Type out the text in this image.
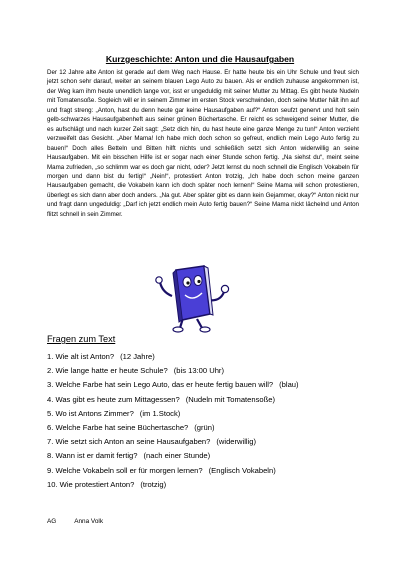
Kurzgeschichte: Anton und die Hausaufgaben
Der 12 Jahre alte Anton ist gerade auf dem Weg nach Hause. Er hatte heute bis ein Uhr Schule und freut sich jetzt schon sehr darauf, weiter an seinem blauen Lego Auto zu bauen. Als er endlich zuhause angekommen ist, der Weg kam ihm heute unendlich lange vor, isst er ungeduldig mit seiner Mutter zu Mittag. Es gibt heute Nudeln mit Tomatensoße. Sogleich will er in seinem Zimmer im ersten Stock verschwinden, doch seine Mutter hält ihn auf und fragt streng: „Anton, hast du denn heute gar keine Hausaufgaben auf?“ Anton seufzt genervt und holt sein gelb-schwarzes Hausaufgabenheft aus seiner grünen Büchertasche. Er reicht es schweigend seiner Mutter, die es aufschlägt und nach kurzer Zeit sagt: „Setz dich hin, du hast heute eine ganze Menge zu tun!“ Anton verzieht verzweifelt das Gesicht. „Aber Mama! Ich habe mich doch schon so gefreut, endlich mein Lego Auto fertig zu bauen!“ Doch alles Betteln und Bitten hilft nichts und schließlich setzt sich Anton widerwillig an seine Hausaufgaben. Mit ein bisschen Hilfe ist er sogar nach einer Stunde schon fertig. „Na siehst du“, meint seine Mama zufrieden, „so schlimm war es doch gar nicht, oder? Jetzt lernst du noch schnell die Englisch Vokabeln für morgen und dann bist du fertig!“ „Nein!“, protestiert Anton trotzig, „Ich habe doch schon meine ganzen Hausaufgaben gemacht, die Vokabeln kann ich doch später noch lernen!“ Seine Mama will schon protestieren, überlegt es sich dann aber doch anders. „Na gut. Aber später gibt es dann kein Gejammer, okay?“ Anton nickt nur und fragt dann ungeduldig: „Darf ich jetzt endlich mein Auto fertig bauen?“ Seine Mama nickt lächelnd und Anton flitzt schnell in sein Zimmer.
Fragen zum Text
1. Wie alt ist Anton? (12 Jahre)
2. Wie lange hatte er heute Schule? (bis 13:00 Uhr)
3. Welche Farbe hat sein Lego Auto, das er heute fertig bauen will? (blau)
4. Was gibt es heute zum Mittagessen? (Nudeln mit Tomatensoße)
5. Wo ist Antons Zimmer? (im 1.Stock)
6. Welche Farbe hat seine Büchertasche? (grün)
7. Wie setzt sich Anton an seine Hausaufgaben? (widerwillig)
8. Wann ist er damit fertig? (nach einer Stunde)
9. Welche Vokabeln soll er für morgen lernen? (Englisch Vokabeln)
10. Wie protestiert Anton? (trotzig)
AG	Anna Volk
